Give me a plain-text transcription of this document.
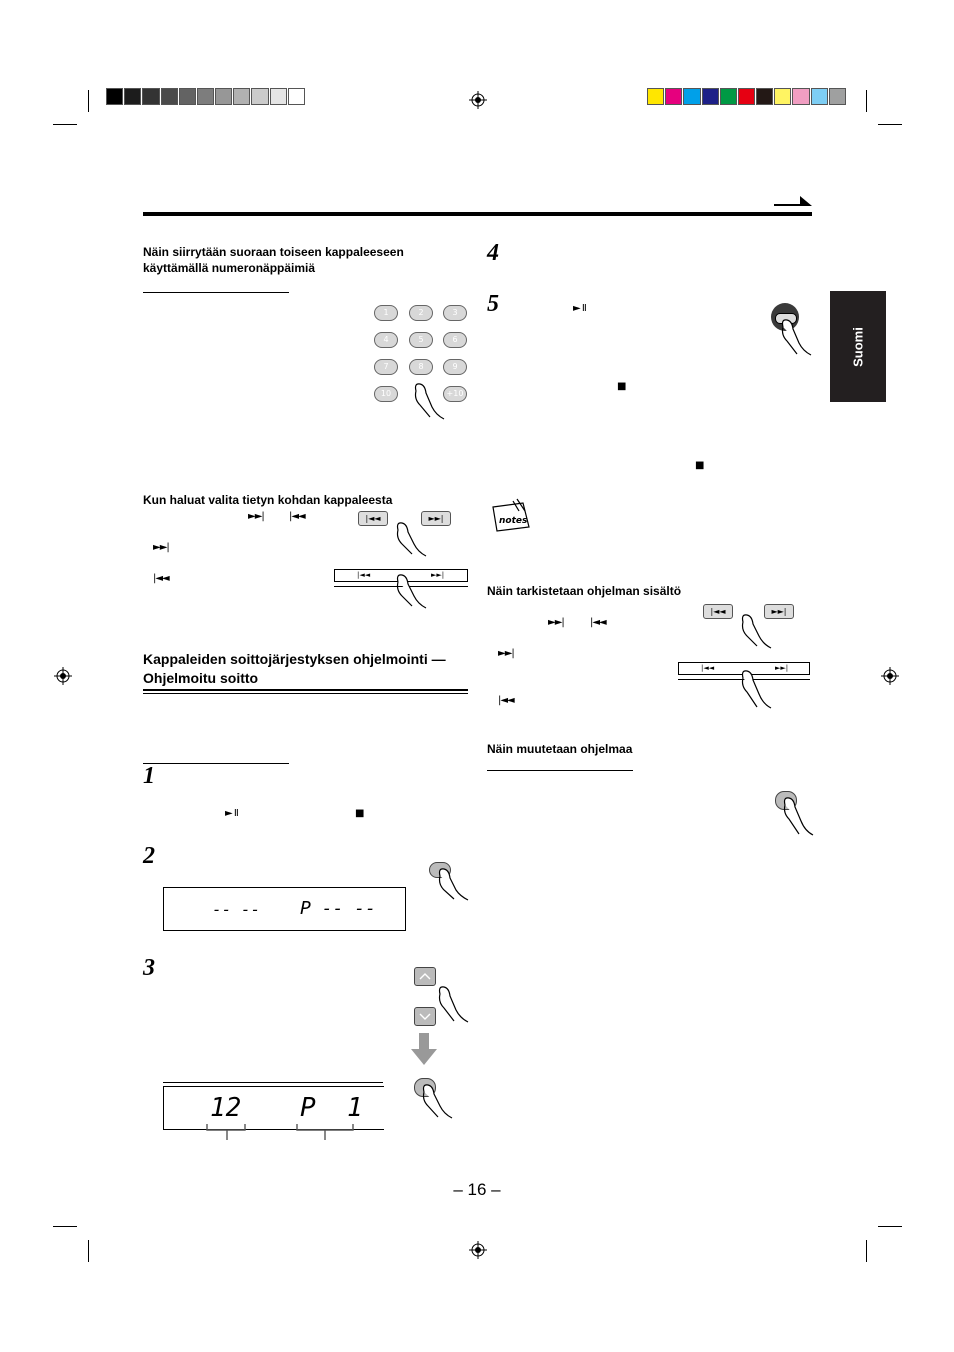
Suomi
Näin siirrytään suoraan toiseen kappaleeseen käyttämällä numeronäppäimiä
1	2	3
4	5	6
7	8	9
10	+10
Kun haluat valita tietyn kohdan kappaleesta
►►|	|◄◄
►►|
|◄◄
|◄◄	►►|
|◄◄	►►|
Kappaleiden soittojärjestyksen ohjelmointi —Ohjelmoitu soitto
1
► II	■
2
-- -- P -- --
3
12 P  1
4
5	► II
■
■
notes
Näin tarkistetaan ohjelman sisältö
►►|	|◄◄
►►|
|◄◄
|◄◄	►►|
|◄◄	►►|
Näin muutetaan ohjelmaa
– 16 –
